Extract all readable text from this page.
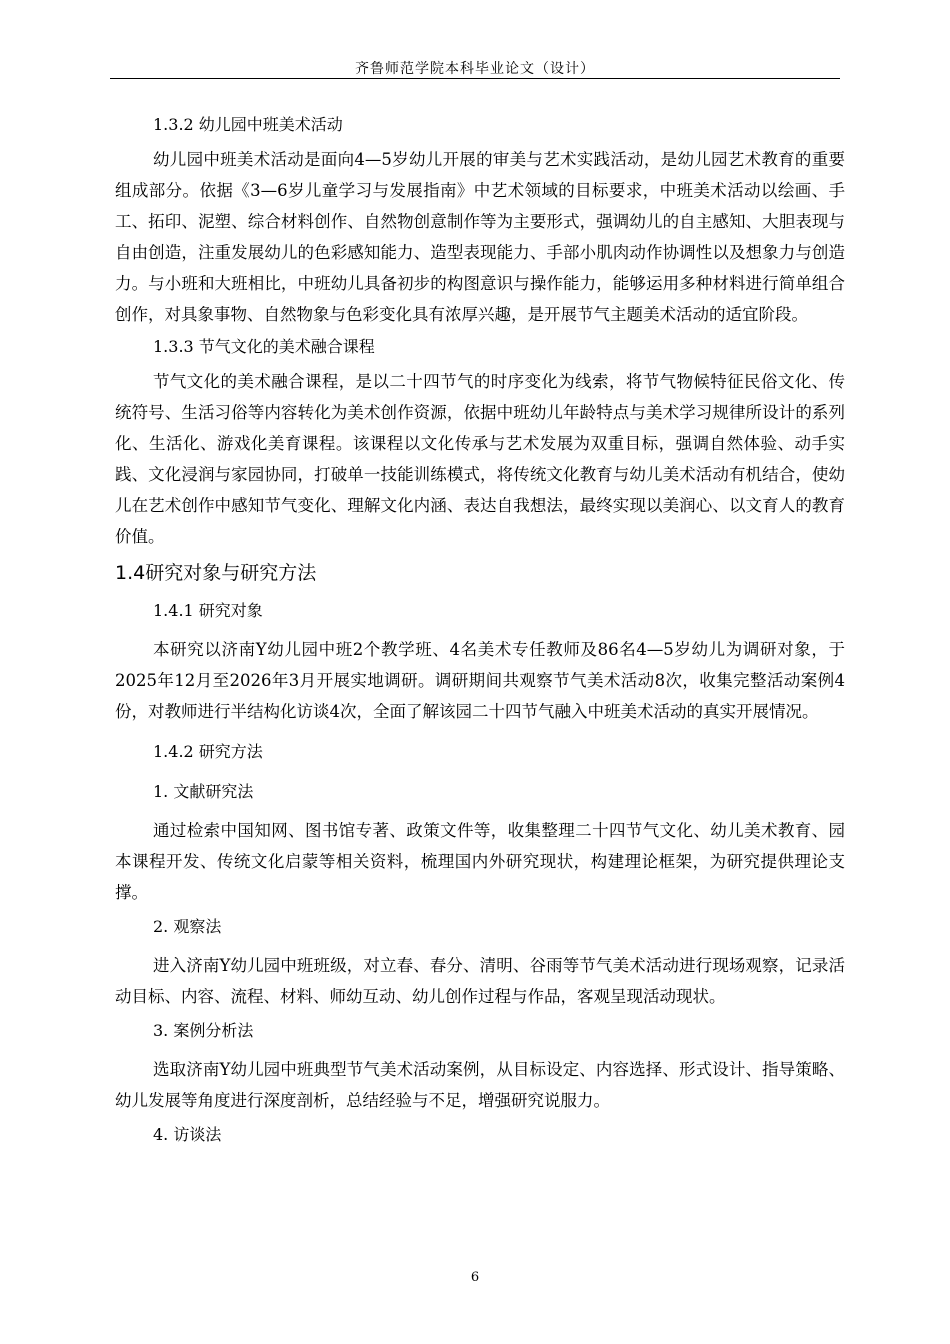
齐鲁师范学院本科毕业论文（设计）

1.3.2 幼儿园中班美术活动

幼儿园中班美术活动是面向4—5岁幼儿开展的审美与艺术实践活动，是幼儿园艺术教育的重要组成部分。依据《3—6岁儿童学习与发展指南》中艺术领域的目标要求，中班美术活动以绘画、手工、拓印、泥塑、综合材料创作、自然物创意制作等为主要形式，强调幼儿的自主感知、大胆表现与自由创造，注重发展幼儿的色彩感知能力、造型表现能力、手部小肌肉动作协调性以及想象力与创造力。与小班和大班相比，中班幼儿具备初步的构图意识与操作能力，能够运用多种材料进行简单组合创作，对具象事物、自然物象与色彩变化具有浓厚兴趣，是开展节气主题美术活动的适宜阶段。

1.3.3 节气文化的美术融合课程

节气文化的美术融合课程，是以二十四节气的时序变化为线索，将节气物候特征民俗文化、传统符号、生活习俗等内容转化为美术创作资源，依据中班幼儿年龄特点与美术学习规律所设计的系列化、生活化、游戏化美育课程。该课程以文化传承与艺术发展为双重目标，强调自然体验、动手实践、文化浸润与家园协同，打破单一技能训练模式，将传统文化教育与幼儿美术活动有机结合，使幼儿在艺术创作中感知节气变化、理解文化内涵、表达自我想法，最终实现以美润心、以文育人的教育价值。

1.4研究对象与研究方法

1.4.1 研究对象

本研究以济南Y幼儿园中班2个教学班、4名美术专任教师及86名4—5岁幼儿为调研对象，于2025年12月至2026年3月开展实地调研。调研期间共观察节气美术活动8次，收集完整活动案例4份，对教师进行半结构化访谈4次，全面了解该园二十四节气融入中班美术活动的真实开展情况。

1.4.2 研究方法

1. 文献研究法

通过检索中国知网、图书馆专著、政策文件等，收集整理二十四节气文化、幼儿美术教育、园本课程开发、传统文化启蒙等相关资料，梳理国内外研究现状，构建理论框架，为研究提供理论支撑。

2. 观察法

进入济南Y幼儿园中班班级，对立春、春分、清明、谷雨等节气美术活动进行现场观察，记录活动目标、内容、流程、材料、师幼互动、幼儿创作过程与作品，客观呈现活动现状。

3. 案例分析法

选取济南Y幼儿园中班典型节气美术活动案例，从目标设定、内容选择、形式设计、指导策略、幼儿发展等角度进行深度剖析，总结经验与不足，增强研究说服力。

4. 访谈法

6
